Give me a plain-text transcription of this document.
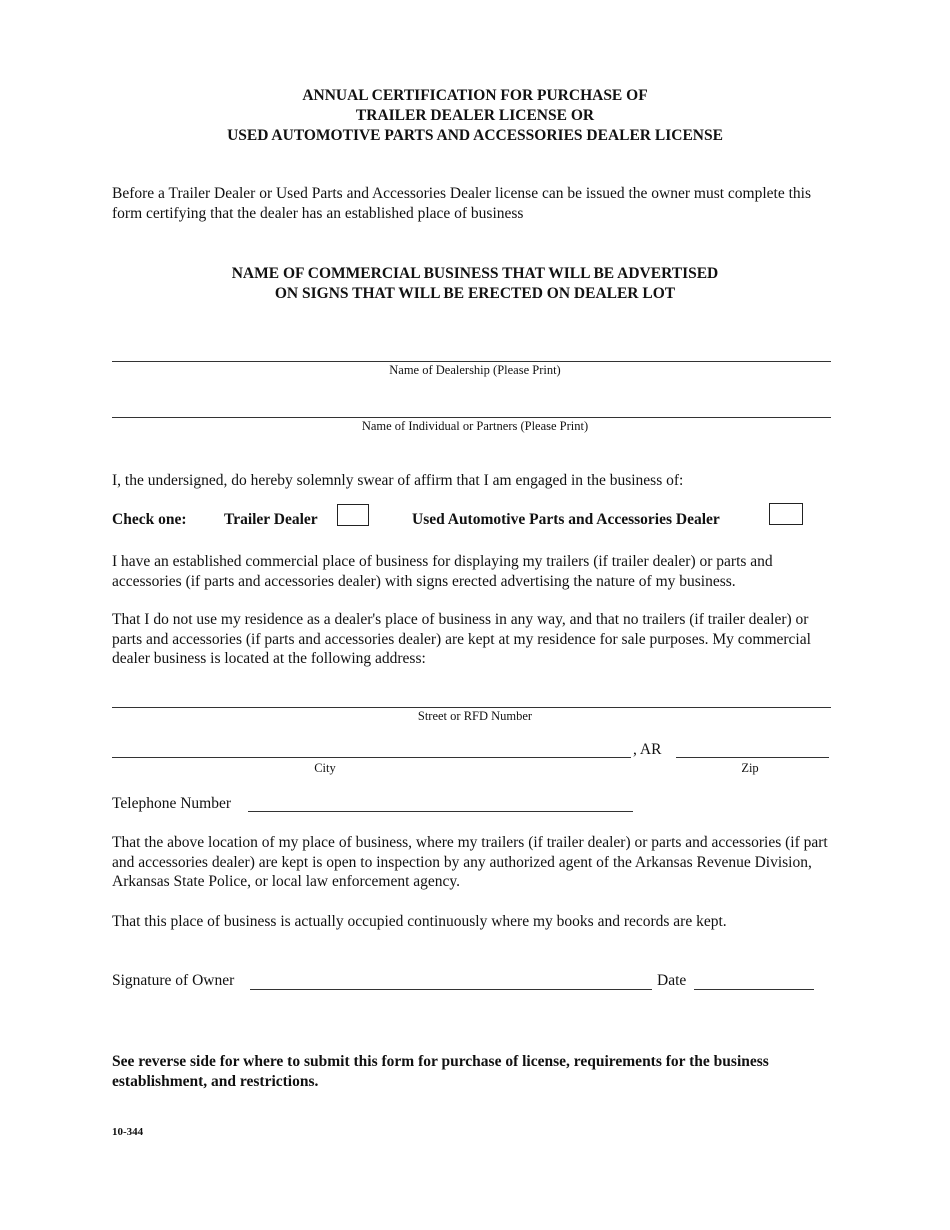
ANNUAL CERTIFICATION FOR PURCHASE OF
TRAILER DEALER LICENSE OR
USED AUTOMOTIVE PARTS AND ACCESSORIES DEALER LICENSE
Before a Trailer Dealer or Used Parts and Accessories Dealer license can be issued the owner must complete this form certifying that the dealer has an established place of business
NAME OF COMMERCIAL BUSINESS THAT WILL BE ADVERTISED
ON SIGNS THAT WILL BE ERECTED ON DEALER LOT
Name of Dealership (Please Print)
Name of Individual or Partners (Please Print)
I, the undersigned, do hereby solemnly swear of affirm that I am engaged in the business of:
Check one: Trailer Dealer	Used Automotive Parts and Accessories Dealer
I have an established commercial place of business for displaying my trailers (if trailer dealer) or parts and accessories (if parts and accessories dealer) with signs erected advertising the nature of my business.
That I do not use my residence as a dealer's place of business in any way, and that no trailers (if trailer dealer) or parts and accessories (if parts and accessories dealer) are kept at my residence for sale purposes. My commercial dealer business is located at the following address:
Street or RFD Number
, AR
City	Zip
Telephone Number
That the above location of my place of business, where my trailers (if trailer dealer) or parts and accessories (if part and accessories dealer) are kept is open to inspection by any authorized agent of the Arkansas Revenue Division, Arkansas State Police, or local law enforcement agency.
That this place of business is actually occupied continuously where my books and records are kept.
Signature of Owner	Date
See reverse side for where to submit this form for purchase of license, requirements for the business establishment, and restrictions.
10-344
